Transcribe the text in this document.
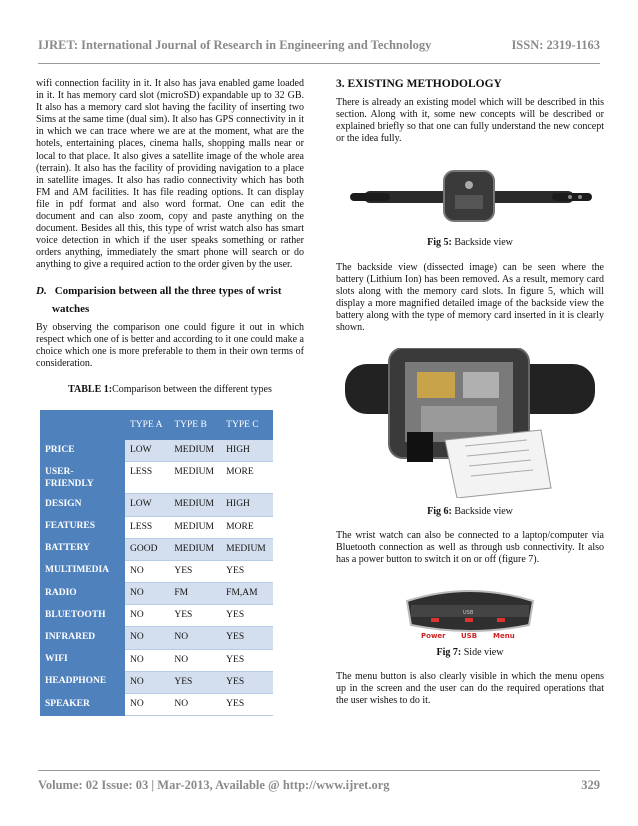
IJRET: International Journal of Research in Engineering and Technology	ISSN: 2319-1163

wifi connection facility in it. It also has java enabled game loaded in it. It has memory card slot (microSD) expandable up to 32 GB. It also has a memory card slot having the facility of inserting two Sims at the same time (dual sim). It also has GPS connectivity in it in which we can trace where we are at the moment, what are the hotels, entertaining places, cinema halls, shopping malls near or local to that place. It also gives a satellite image of the whole area (terrain). It also has the facility of providing navigation to a place in satellite images. It also has radio connectivity which has both FM and AM facilities. It has file reading options. It can display file in pdf format and also word format. One can edit the document and can also zoom, copy and paste anything on the document. Besides all this, this type of wrist watch also has smart voice detection in which if the user speaks something or rather orders anything, immediately the smart phone will search or do anything to give a required action to the order given by the user.

D. Comparision between all the three types of wrist
watches

By observing the comparison one could figure it out in which respect which one of is better and according to it one could make a choice which one is more preferable to them in their own terms of consideration.

TABLE 1:Comparison between the different types
	TYPE A	TYPE B	TYPE C
PRICE	LOW	MEDIUM	HIGH
USER-FRIENDLY	LESS	MEDIUM	MORE
DESIGN	LOW	MEDIUM	HIGH
FEATURES	LESS	MEDIUM	MORE
BATTERY	GOOD	MEDIUM	MEDIUM
MULTIMEDIA	NO	YES	YES
RADIO	NO	FM	FM,AM
BLUETOOTH	NO	YES	YES
INFRARED	NO	NO	YES
WIFI	NO	NO	YES
HEADPHONE	NO	YES	YES
SPEAKER	NO	NO	YES
3. EXISTING METHODOLOGY

There is already an existing model which will be described in this section. Along with it, some new concepts will be described or explained briefly so that one can fully understand the new concept or the idea fully.

Fig 5: Backside view

The backside view (dissected image) can be seen where the battery (Lithium Ion) has been removed. As a result, memory card slots along with the memory card slots. In figure 5, which will display a more magnified detailed image of the backside view the battery along with the type of memory card inserted in it is clearly shown.

Fig 6: Backside view

The wrist watch can also be connected to a laptop/computer via Bluetooth connection as well as through usb connectivity. It also has a power button to switch it on or off (figure 7).

USB
Power USB Menu
Fig 7: Side view

The menu button is also clearly visible in which the menu opens up in the screen and the user can do the required operations that the user wishes to do it.

Volume: 02 Issue: 03 | Mar-2013, Available @ http://www.ijret.org	329
